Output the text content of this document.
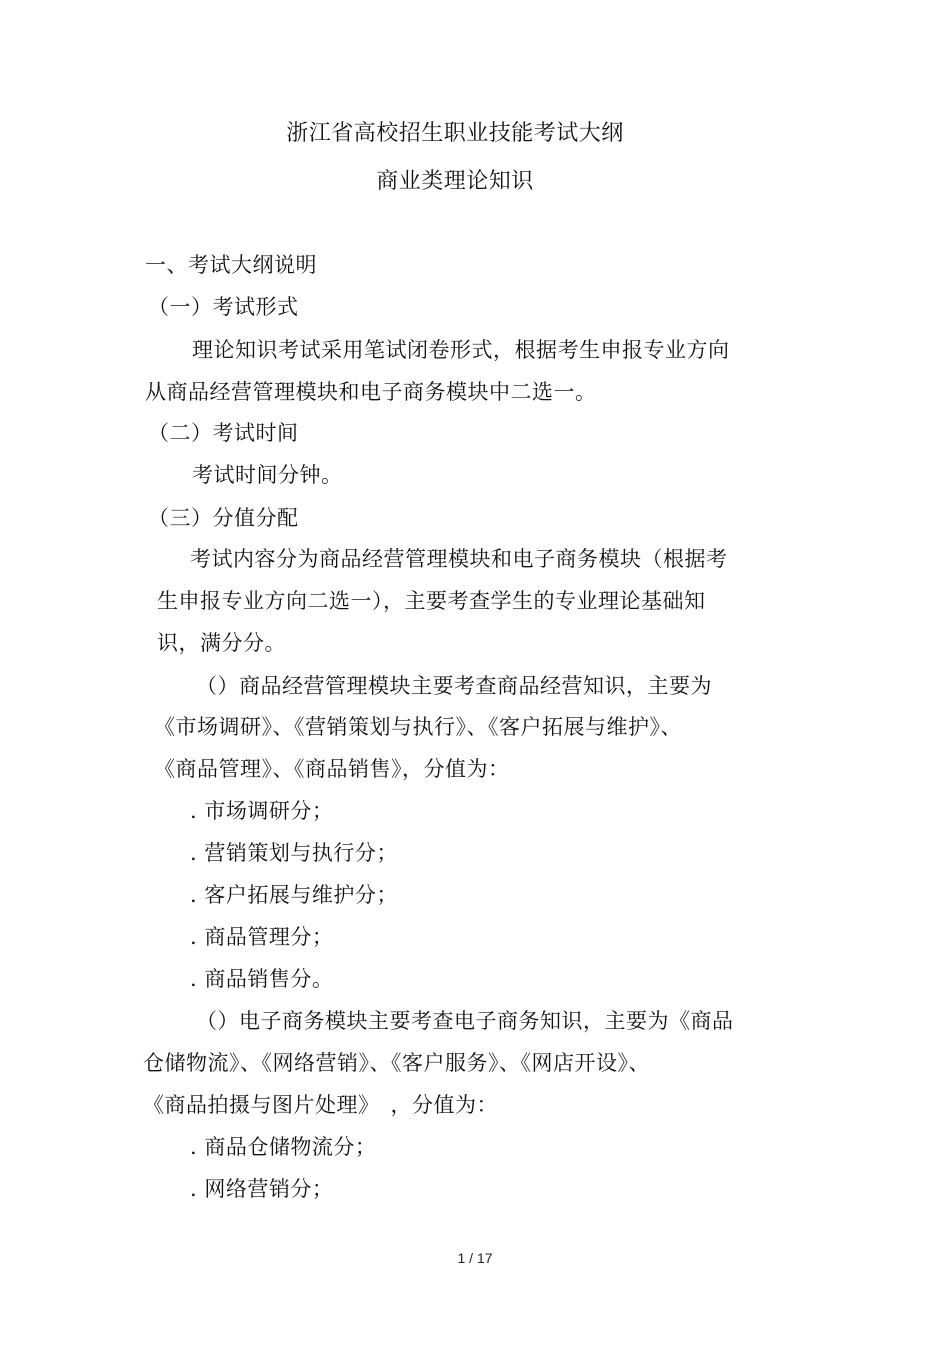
浙江省高校招生职业技能考试大纲
商业类理论知识
一、考试大纲说明
（一）考试形式
理论知识考试采用笔试闭卷形式，根据考生申报专业方向
从商品经营管理模块和电子商务模块中二选一。
（二）考试时间
考试时间分钟。
（三）分值分配
考试内容分为商品经营管理模块和电子商务模块（根据考
生申报专业方向二选一），主要考查学生的专业理论基础知
识，满分分。
（）商品经营管理模块主要考查商品经营知识，主要为
《市场调研》、《营销策划与执行》、《客户拓展与维护》、
《商品管理》、《商品销售》，分值为：
. 市场调研分；
. 营销策划与执行分；
. 客户拓展与维护分；
. 商品管理分；
. 商品销售分。
（）电子商务模块主要考查电子商务知识，主要为《商品
仓储物流》、《网络营销》、《客户服务》、《网店开设》、
《商品拍摄与图片处理》　，分值为：
. 商品仓储物流分；
. 网络营销分；
1 / 17
